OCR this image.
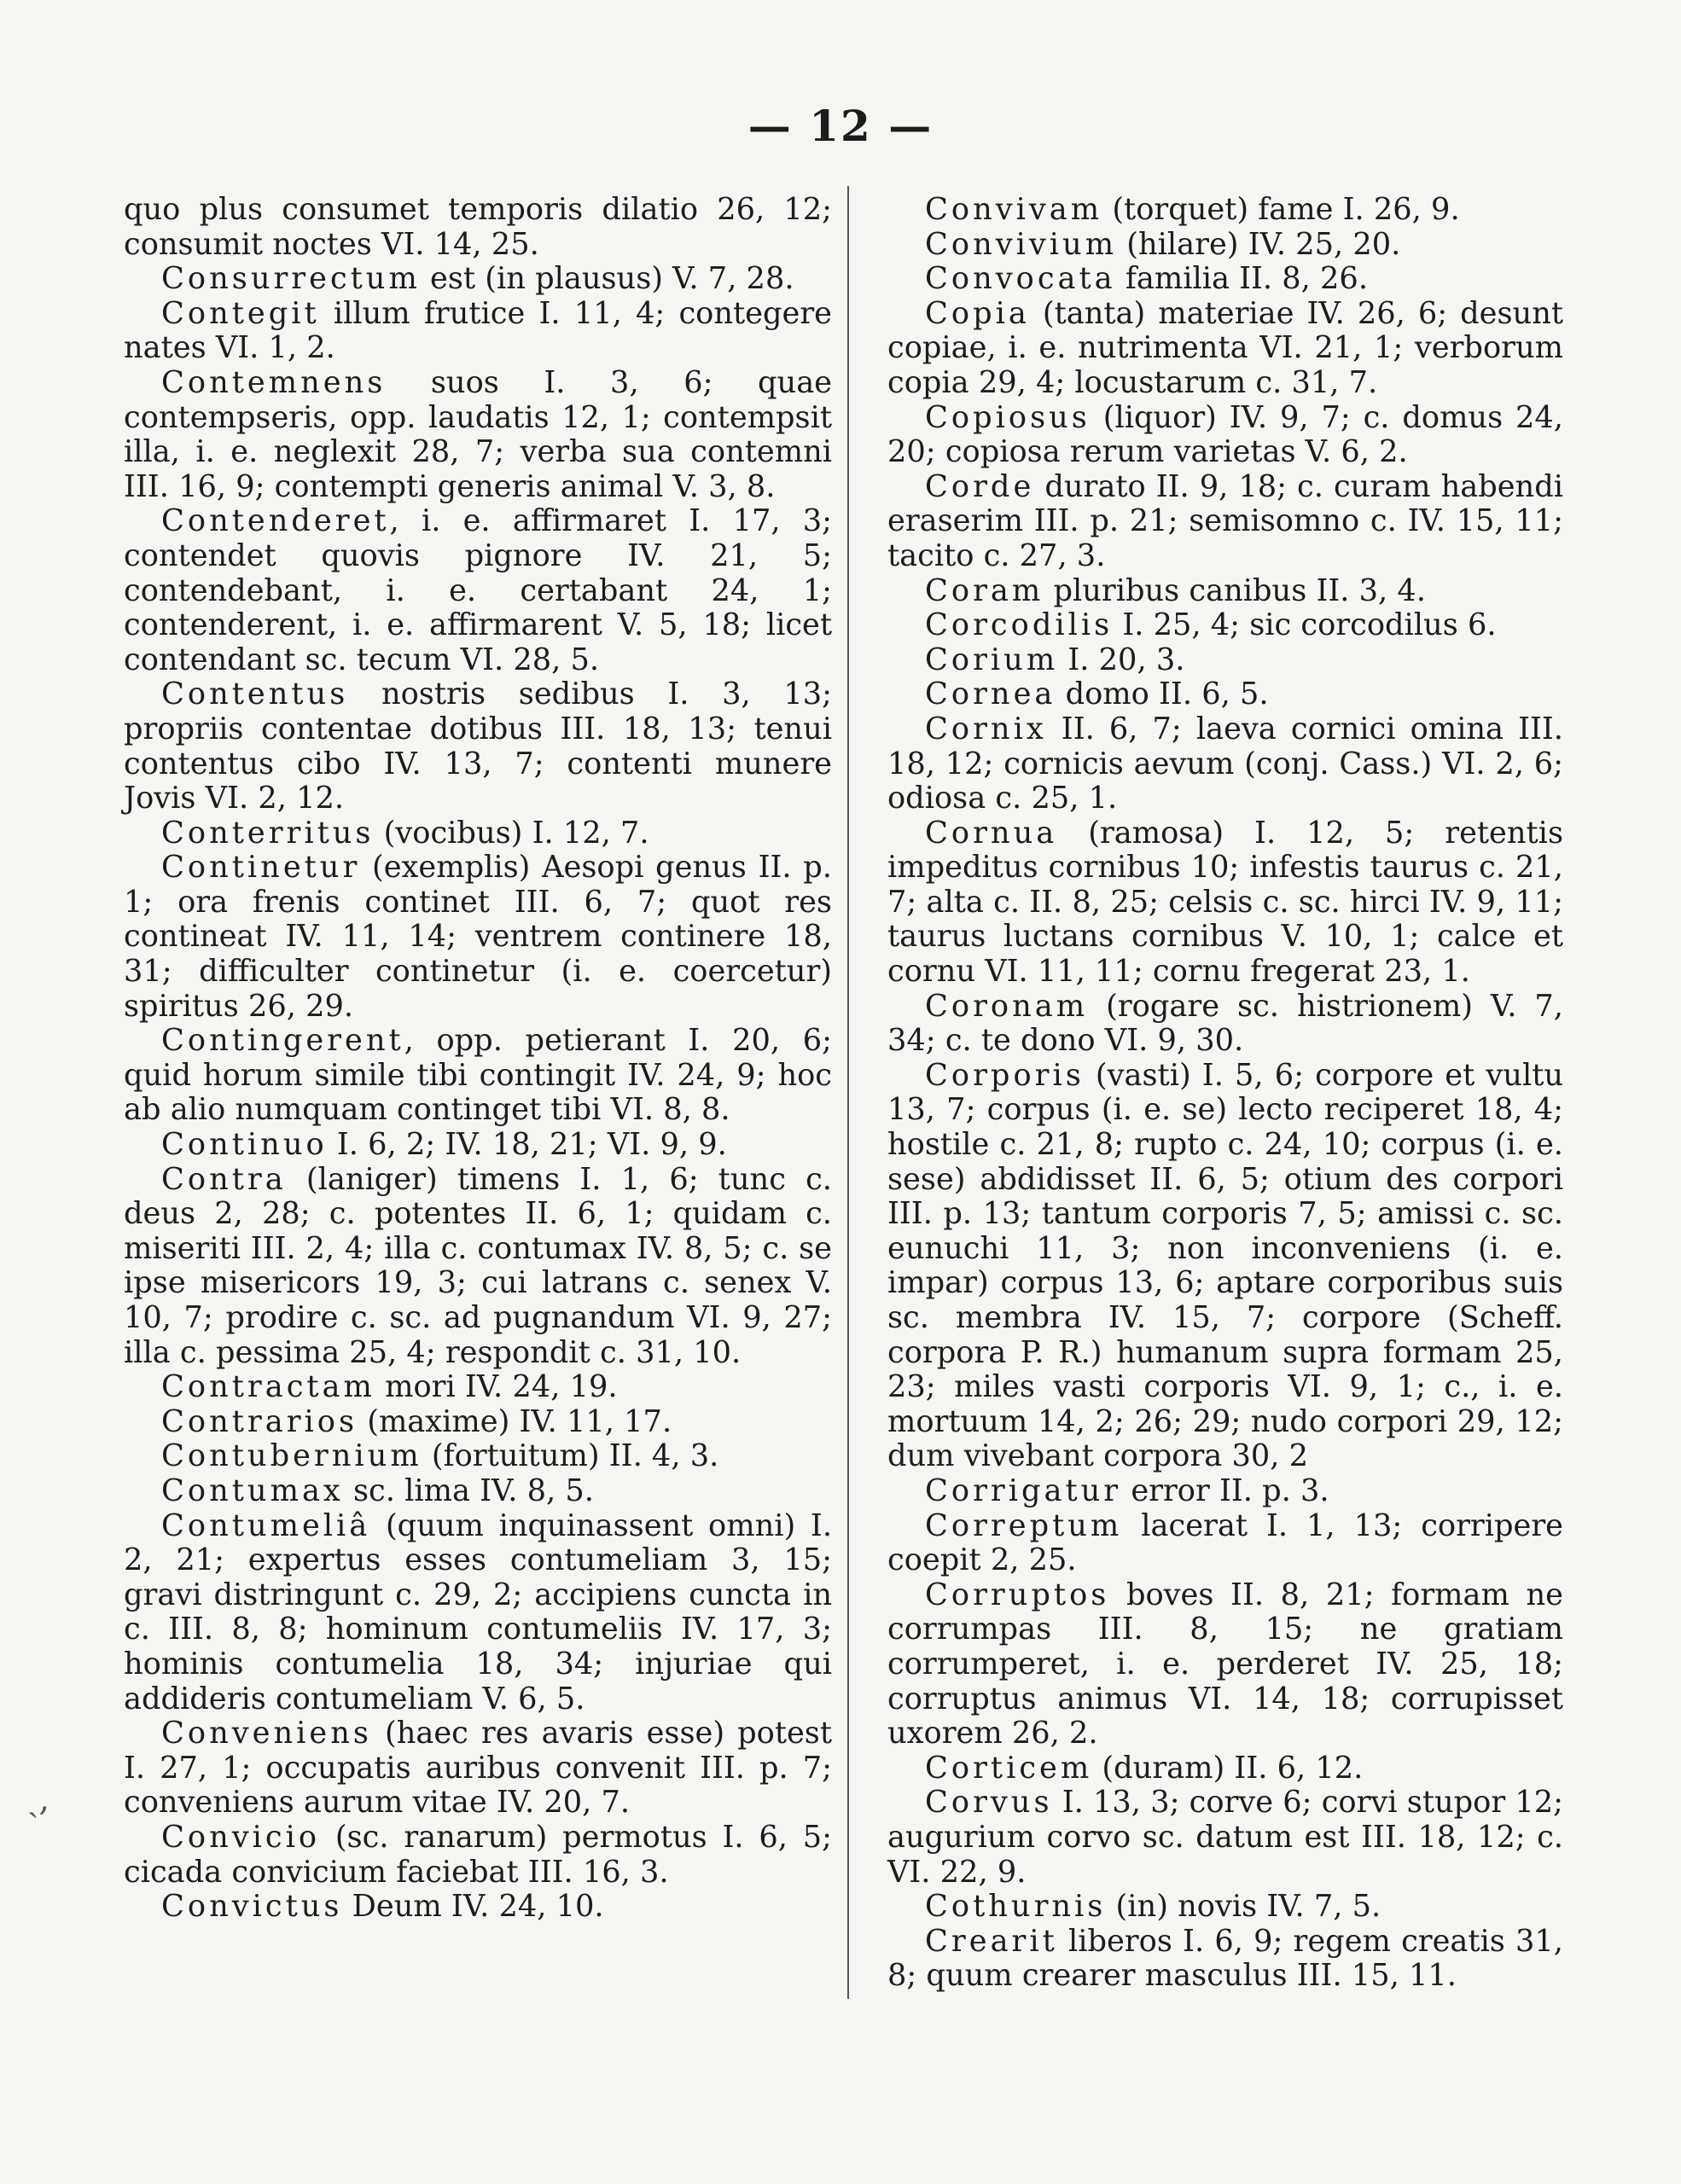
— 12 —
ˏ,

quo plus consumet temporis dilatio 26, 12; consumit noctes VI. 14, 25.

Consurrectum est (in plausus) V. 7, 28.

Contegit illum frutice I. 11, 4; contegere nates VI. 1, 2.

Contemnens suos I. 3, 6; quae contempseris, opp. laudatis 12, 1; contempsit illa, i. e. neglexit 28, 7; verba sua contemni III. 16, 9; contempti generis animal V. 3, 8.

Contenderet, i. e. affirmaret I. 17, 3; contendet quovis pignore IV. 21, 5; contendebant, i. e. certabant 24, 1; contenderent, i. e. affirmarent V. 5, 18; licet contendant sc. tecum VI. 28, 5.

Contentus nostris sedibus I. 3, 13; propriis contentae dotibus III. 18, 13; tenui contentus cibo IV. 13, 7; contenti munere Jovis VI. 2, 12.

Conterritus (vocibus) I. 12, 7.

Continetur (exemplis) Aesopi genus II. p. 1; ora frenis continet III. 6, 7; quot res contineat IV. 11, 14; ventrem continere 18, 31; difficulter continetur (i. e. coercetur) spiritus 26, 29.

Contingerent, opp. petierant I. 20, 6; quid horum simile tibi contingit IV. 24, 9; hoc ab alio numquam continget tibi VI. 8, 8.

Continuo I. 6, 2; IV. 18, 21; VI. 9, 9.

Contra (laniger) timens I. 1, 6; tunc c. deus 2, 28; c. potentes II. 6, 1; quidam c. miseriti III. 2, 4; illa c. contumax IV. 8, 5; c. se ipse misericors 19, 3; cui latrans c. senex V. 10, 7; prodire c. sc. ad pugnandum VI. 9, 27; illa c. pessima 25, 4; respondit c. 31, 10.

Contractam mori IV. 24, 19.

Contrarios (maxime) IV. 11, 17.

Contubernium (fortuitum) II. 4, 3.

Contumax sc. lima IV. 8, 5.

Contumeliâ (quum inquinassent omni) I. 2, 21; expertus esses contumeliam 3, 15; gravi distringunt c. 29, 2; accipiens cuncta in c. III. 8, 8; hominum contumeliis IV. 17, 3; hominis contumelia 18, 34; injuriae qui addideris contumeliam V. 6, 5.

Conveniens (haec res avaris esse) potest I. 27, 1; occupatis auribus convenit III. p. 7; conveniens aurum vitae IV. 20, 7.

Convicio (sc. ranarum) permotus I. 6, 5; cicada convicium faciebat III. 16, 3.

Convictus Deum IV. 24, 10.

Convivam (torquet) fame I. 26, 9.

Convivium (hilare) IV. 25, 20.

Convocata familia II. 8, 26.

Copia (tanta) materiae IV. 26, 6; desunt copiae, i. e. nutrimenta VI. 21, 1; verborum copia 29, 4; locustarum c. 31, 7.

Copiosus (liquor) IV. 9, 7; c. domus 24, 20; copiosa rerum varietas V. 6, 2.

Corde durato II. 9, 18; c. curam habendi eraserim III. p. 21; semisomno c. IV. 15, 11; tacito c. 27, 3.

Coram pluribus canibus II. 3, 4.

Corcodilis I. 25, 4; sic corcodilus 6.

Corium I. 20, 3.

Cornea domo II. 6, 5.

Cornix II. 6, 7; laeva cornici omina III. 18, 12; cornicis aevum (conj. Cass.) VI. 2, 6; odiosa c. 25, 1.

Cornua (ramosa) I. 12, 5; retentis impeditus cornibus 10; infestis taurus c. 21, 7; alta c. II. 8, 25; celsis c. sc. hirci IV. 9, 11; taurus luctans cornibus V. 10, 1; calce et cornu VI. 11, 11; cornu fregerat 23, 1.

Coronam (rogare sc. histrionem) V. 7, 34; c. te dono VI. 9, 30.

Corporis (vasti) I. 5, 6; corpore et vultu 13, 7; corpus (i. e. se) lecto reciperet 18, 4; hostile c. 21, 8; rupto c. 24, 10; corpus (i. e. sese) abdidisset II. 6, 5; otium des corpori III. p. 13; tantum corporis 7, 5; amissi c. sc. eunuchi 11, 3; non inconveniens (i. e. impar) corpus 13, 6; aptare corporibus suis sc. membra IV. 15, 7; corpore (Scheff. corpora P. R.) humanum supra formam 25, 23; miles vasti corporis VI. 9, 1; c., i. e. mortuum 14, 2; 26; 29; nudo corpori 29, 12; dum vivebant corpora 30, 2

Corrigatur error II. p. 3.

Correptum lacerat I. 1, 13; corripere coepit 2, 25.

Corruptos boves II. 8, 21; formam ne corrumpas III. 8, 15; ne gratiam corrumperet, i. e. perderet IV. 25, 18; corruptus animus VI. 14, 18; corrupisset uxorem 26, 2.

Corticem (duram) II. 6, 12.

Corvus I. 13, 3; corve 6; corvi stupor 12; augurium corvo sc. datum est III. 18, 12; c. VI. 22, 9.

Cothurnis (in) novis IV. 7, 5.

Crearit liberos I. 6, 9; regem creatis 31, 8; quum crearer masculus III. 15, 11.
